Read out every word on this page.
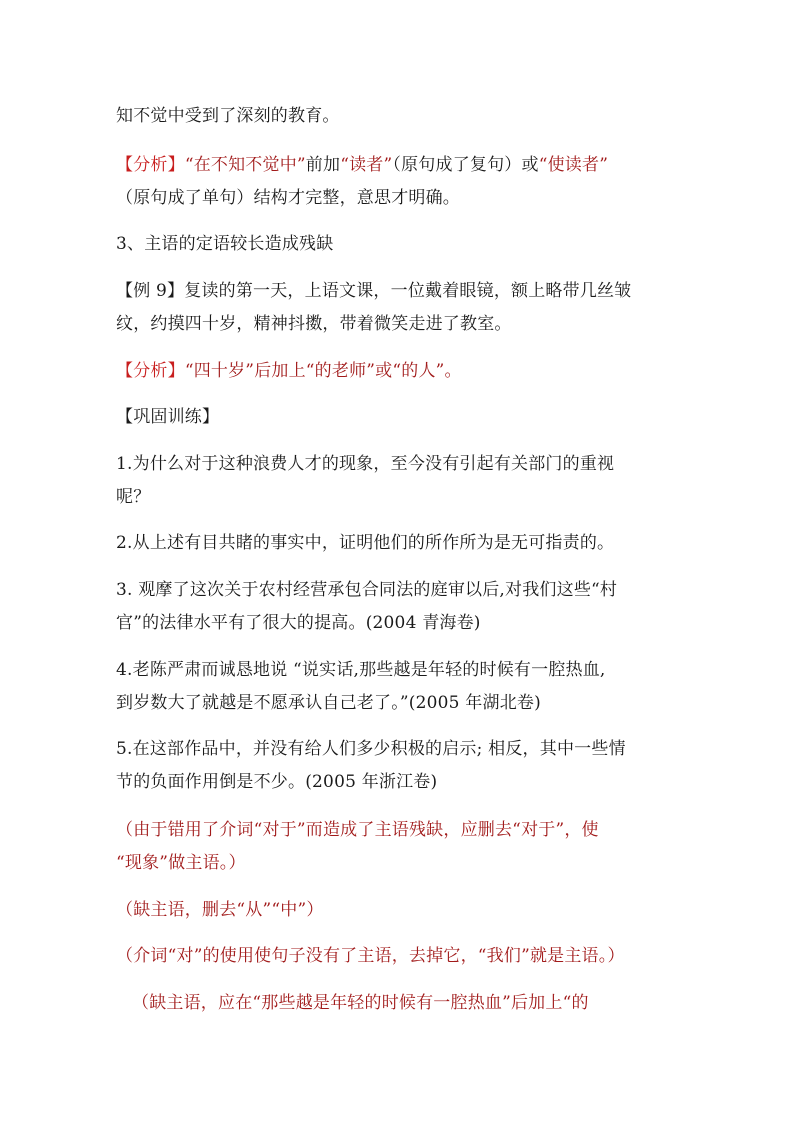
知不觉中受到了深刻的教育。
【分析】“在不知不觉中”前加“读者”（原句成了复句）或“使读者”
（原句成了单句）结构才完整，意思才明确。
3、主语的定语较长造成残缺
【例 9】复读的第一天，上语文课，一位戴着眼镜，额上略带几丝皱
纹，约摸四十岁，精神抖擞，带着微笑走进了教室。
【分析】“四十岁”后加上“的老师”或“的人”。
【巩固训练】
1.为什么对于这种浪费人才的现象，至今没有引起有关部门的重视
呢？
2.从上述有目共睹的事实中，证明他们的所作所为是无可指责的。
3. 观摩了这次关于农村经营承包合同法的庭审以后,对我们这些“村
官”的法律水平有了很大的提高。(2004 青海卷)
4.老陈严肃而诚恳地说 “说实话,那些越是年轻的时候有一腔热血,
到岁数大了就越是不愿承认自己老了。”(2005 年湖北卷)
5.在这部作品中，并没有给人们多少积极的启示; 相反，其中一些情
节的负面作用倒是不少。(2005 年浙江卷)
（由于错用了介词“对于”而造成了主语残缺，应删去“对于”，使
“现象”做主语。）
（缺主语，删去“从”“中”）
（介词“对”的使用使句子没有了主语，去掉它，“我们”就是主语。）
（缺主语，应在“那些越是年轻的时候有一腔热血”后加上“的
